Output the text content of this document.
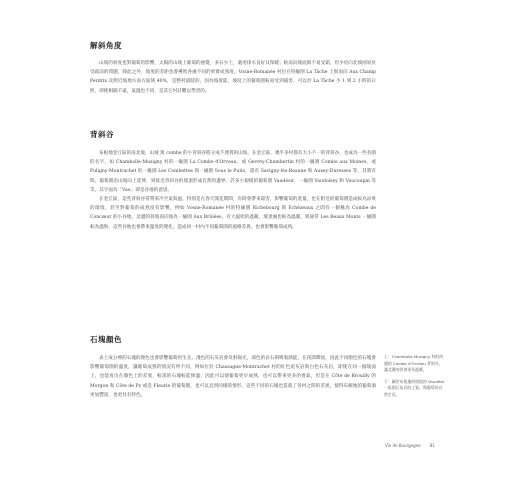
解斜角度

山坡的斜度也對葡萄的影響，太陽的山坡上葡萄的感覺，多石少土，適用排水良好及保暖；較南向坡面與不易受霜，但少於向北坡則易於受霜涼的問題，除此之外，坡度的差距也會導致各處不同的果實成熟度。Vosne-Romanée 村位在特級園 La Tâche 上與南向 Aux Champ Perdrix 及附近坡地方南方區域 40%，是整村最陡的，因為坡度陡，坡度上的葡萄園較易受到霜害，可以於 La Tâche 少 1 到 2 小時的日照，即使相隔不遠，氣溫也不同，是其它村莊難以學習的。

背斜谷

布根地金丘區的南北坡，山坡 與 combe 的小背斜谷將分成不連貫的山坡，在金丘區，幾乎多村都有大小不一的背斜谷，也成為一些名園的名字，如 Chambolle-Musigny 村的一級園 La Combe d'Orveau，或 Gevrey-Chambertin 村的一級園 Combe aux Moines，或 Puligny-Montrachet 的一級園 Les Combettes 與一級園 Sous le Puits，還有 Savigny-lès-Beaune 和 Auxey-Duresses 等，其實有時，葡萄園沿山坡向上延伸，到接近背斜谷的坡頂形成自然的邊界，許多小規模的葡萄園 Vaudésir，一級園 Vaudoisey 和 Vaucoupin 等等，其字面為「Vau」即是谷地的意思。

在金丘區，這些背斜谷常帶來冷空氣與風，特別是在春天開花期間，有時會帶來霜害，影響葡萄的產量，也在附近的葡萄園造成較為涼爽的環境，甚至對葡萄的成熟度有影響，例如 Vosne-Romanée 村的特級園 Richebourg 與 Échézeaux 之間有一個稱為 Combe de Concœur 的小谷地，北邊的斜坡南向坡為一級園 Aux Brûlées，有大風吹的遮蔽，坡頂處也較為溫暖，與通常 Les Beaux Monts 一級園較為溫和，這些谷地也會帶來溫度的變化，造成同一村內不同葡萄園的風格差異，也會影響葡萄成熟。

石塊顏色

表土成分裡的石塊的顏色也會影響葡萄的生長，淺色的石灰岩會反射陽光，深色的岩石則吸收熱能，在夜間釋放，因此不同顏色的石塊會影響葡萄園的溫度，讓葡萄成熟的情況有所不同，例如位於 Chassagne-Montrachet 村的紅色泥灰岩與白色石灰岩，即使在同一個坡面上，也能看出在顏色上的差異，較深的石塊較能保溫，因此可以使葡萄更早成熟，也可以帶來更多的香氣，但是在 Côte de Brouilly 的 Morgon 和 Côte de Py 或是 Fleurie 的葡萄園，也可以見到同樣的情形，這些不同的石塊也造就了各村之間的差異，使得布根地的葡萄酒更加豐富，也更具有特色。

上：Chambolle-Musigny 村的南邊的 Combe d'Orveau 背斜谷，讓北邊的斜坡更為溫暖。

下：屬於布根地的坡地的 Vaudésir 一級園石灰岩的土質，與葡萄的自然生長。

Vin de Bourgogne 81
